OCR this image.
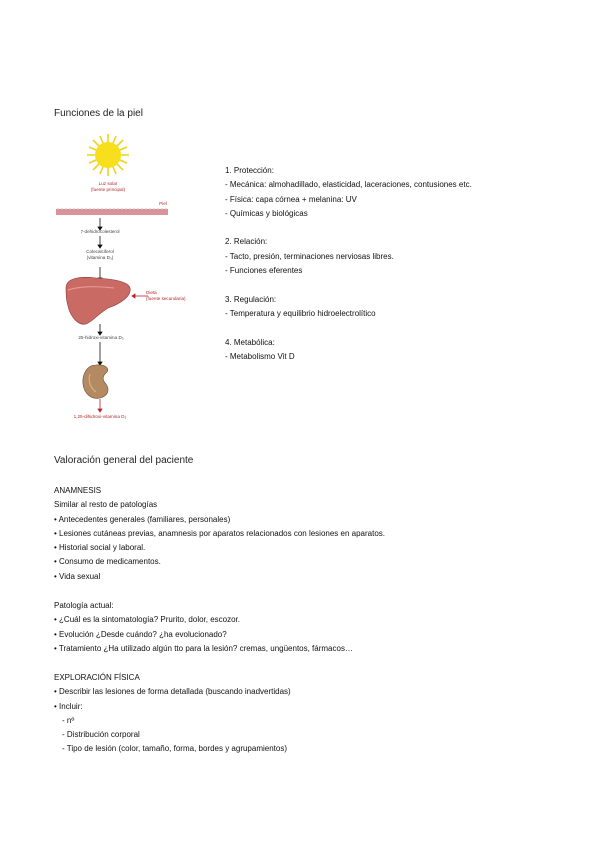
Funciones de la piel
Luz solar
(fuente principal)
Piel
7-dehidrocolesterol
Colecalciferol
(vitamina D₃)
Dieta
(fuente secundaria)
25-hidroxi-vitamina D₃
1,25-dihidroxi-vitamina D₃
1. Protección:
- Mecánica: almohadillado, elasticidad, laceraciones, contusiones etc.
- Física: capa córnea + melanina: UV
- Químicas y biológicas
2. Relación:
- Tacto, presión, terminaciones nerviosas libres.
- Funciones eferentes
3. Regulación:
- Temperatura y equilibrio hidroelectrolítico
4. Metabólica:
- Metabolismo Vit D
Valoración general del paciente
ANAMNESIS
Similar al resto de patologías
• Antecedentes generales (familiares, personales)
• Lesiones cutáneas previas, anamnesis por aparatos relacionados con lesiones en aparatos.
• Historial social y laboral.
• Consumo de medicamentos.
• Vida sexual
Patología actual:
• ¿Cuál es la sintomatología? Prurito, dolor, escozor.
• Evolución ¿Desde cuándo? ¿ha evolucionado?
• Tratamiento ¿Ha utilizado algún tto para la lesión? cremas, ungüentos, fármacos…
EXPLORACIÓN FÍSICA
• Describir las lesiones de forma detallada (buscando inadvertidas)
• Incluir:
- nº
- Distribución corporal
- Tipo de lesión (color, tamaño, forma, bordes y agrupamientos)
